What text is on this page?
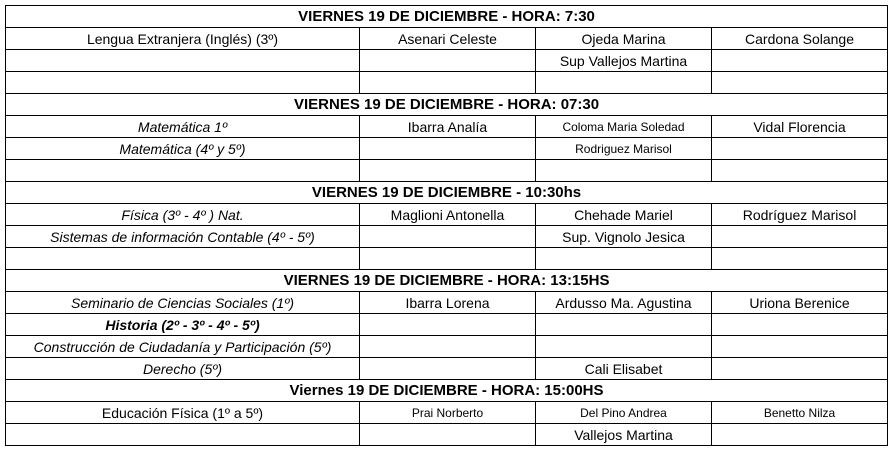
VIERNES 19 DE DICIEMBRE - HORA: 7:30			
Lengua Extranjera (Inglés) (3º)	Asenari Celeste	Ojeda Marina	Cardona Solange
		Sup Vallejos Martina	

VIERNES 19 DE DICIEMBRE - HORA: 07:30			
Matemática 1º	Ibarra Analía	Coloma Maria Soledad	Vidal Florencia
Matemática (4º y 5º)		Rodriguez Marisol	

VIERNES 19 DE DICIEMBRE - 10:30hs			
Física (3º - 4º ) Nat.	Maglioni Antonella	Chehade Mariel	Rodríguez Marisol
Sistemas de información Contable (4º - 5º)		Sup. Vignolo Jesica	

VIERNES 19 DE DICIEMBRE - HORA: 13:15HS			
Seminario de Ciencias Sociales (1º)	Ibarra Lorena	Ardusso Ma. Agustina	Uriona Berenice
Historia (2º - 3º - 4º - 5º)			
Construcción de Ciudadanía y Participación (5º)			
Derecho (5º)		Cali Elisabet	
Viernes 19 DE DICIEMBRE - HORA: 15:00HS			
Educación Física (1º a 5º)	Prai Norberto	Del Pino Andrea	Benetto Nilza
		Vallejos Martina	
